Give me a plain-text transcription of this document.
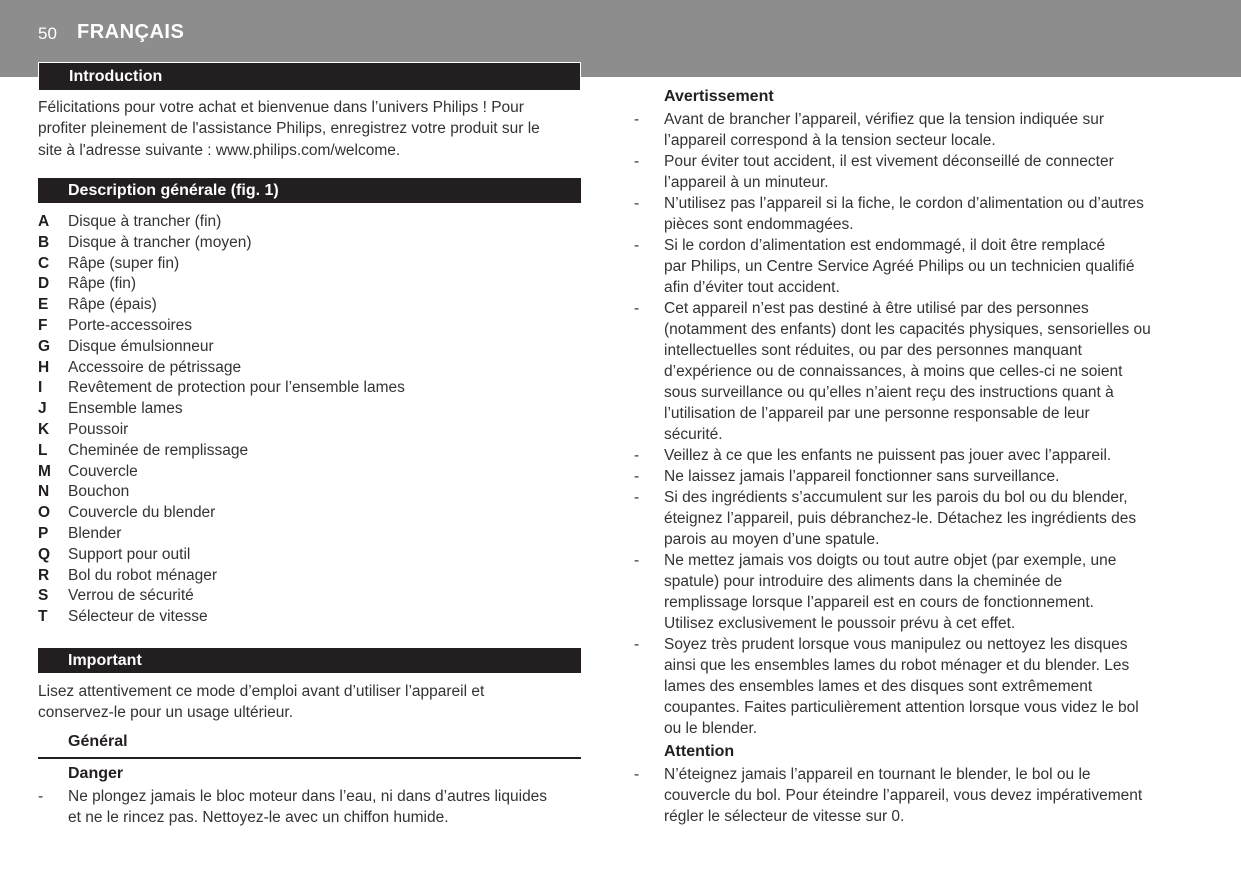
50 FRANÇAIS
Introduction
Félicitations pour votre achat et bienvenue dans l’univers Philips ! Pour
profiter pleinement de l'assistance Philips, enregistrez votre produit sur le
site à l'adresse suivante : www.philips.com/welcome.
Description générale (fig. 1)
A	Disque à trancher (fin)
B	Disque à trancher (moyen)
C	Râpe (super fin)
D	Râpe (fin)
E	Râpe (épais)
F	Porte-accessoires
G	Disque émulsionneur
H	Accessoire de pétrissage
I	Revêtement de protection pour l’ensemble lames
J	Ensemble lames
K	Poussoir
L	Cheminée de remplissage
M	Couvercle
N	Bouchon
O	Couvercle du blender
P	Blender
Q	Support pour outil
R	Bol du robot ménager
S	Verrou de sécurité
T	Sélecteur de vitesse
Important
Lisez attentivement ce mode d’emploi avant d’utiliser l’appareil et
conservez-le pour un usage ultérieur.
Général
Danger
-	Ne plongez jamais le bloc moteur dans l’eau, ni dans d’autres liquides
et ne le rincez pas. Nettoyez-le avec un chiffon humide.
Avertissement
-	Avant de brancher l’appareil, vérifiez que la tension indiquée sur
l’appareil correspond à la tension secteur locale.
-	Pour éviter tout accident, il est vivement déconseillé de connecter
l’appareil à un minuteur.
-	N’utilisez pas l’appareil si la fiche, le cordon d’alimentation ou d’autres
pièces sont endommagées.
-	Si le cordon d’alimentation est endommagé, il doit être remplacé
par Philips, un Centre Service Agréé Philips ou un technicien qualifié
afin d’éviter tout accident.
-	Cet appareil n’est pas destiné à être utilisé par des personnes
(notamment des enfants) dont les capacités physiques, sensorielles ou
intellectuelles sont réduites, ou par des personnes manquant
d’expérience ou de connaissances, à moins que celles-ci ne soient
sous surveillance ou qu’elles n’aient reçu des instructions quant à
l’utilisation de l’appareil par une personne responsable de leur
sécurité.
-	Veillez à ce que les enfants ne puissent pas jouer avec l’appareil.
-	Ne laissez jamais l’appareil fonctionner sans surveillance.
-	Si des ingrédients s’accumulent sur les parois du bol ou du blender,
éteignez l’appareil, puis débranchez-le. Détachez les ingrédients des
parois au moyen d’une spatule.
-	Ne mettez jamais vos doigts ou tout autre objet (par exemple, une
spatule) pour introduire des aliments dans la cheminée de
remplissage lorsque l’appareil est en cours de fonctionnement.
Utilisez exclusivement le poussoir prévu à cet effet.
-	Soyez très prudent lorsque vous manipulez ou nettoyez les disques
ainsi que les ensembles lames du robot ménager et du blender. Les
lames des ensembles lames et des disques sont extrêmement
coupantes. Faites particulièrement attention lorsque vous videz le bol
ou le blender.
Attention
-	N’éteignez jamais l’appareil en tournant le blender, le bol ou le
couvercle du bol. Pour éteindre l’appareil, vous devez impérativement
régler le sélecteur de vitesse sur 0.
